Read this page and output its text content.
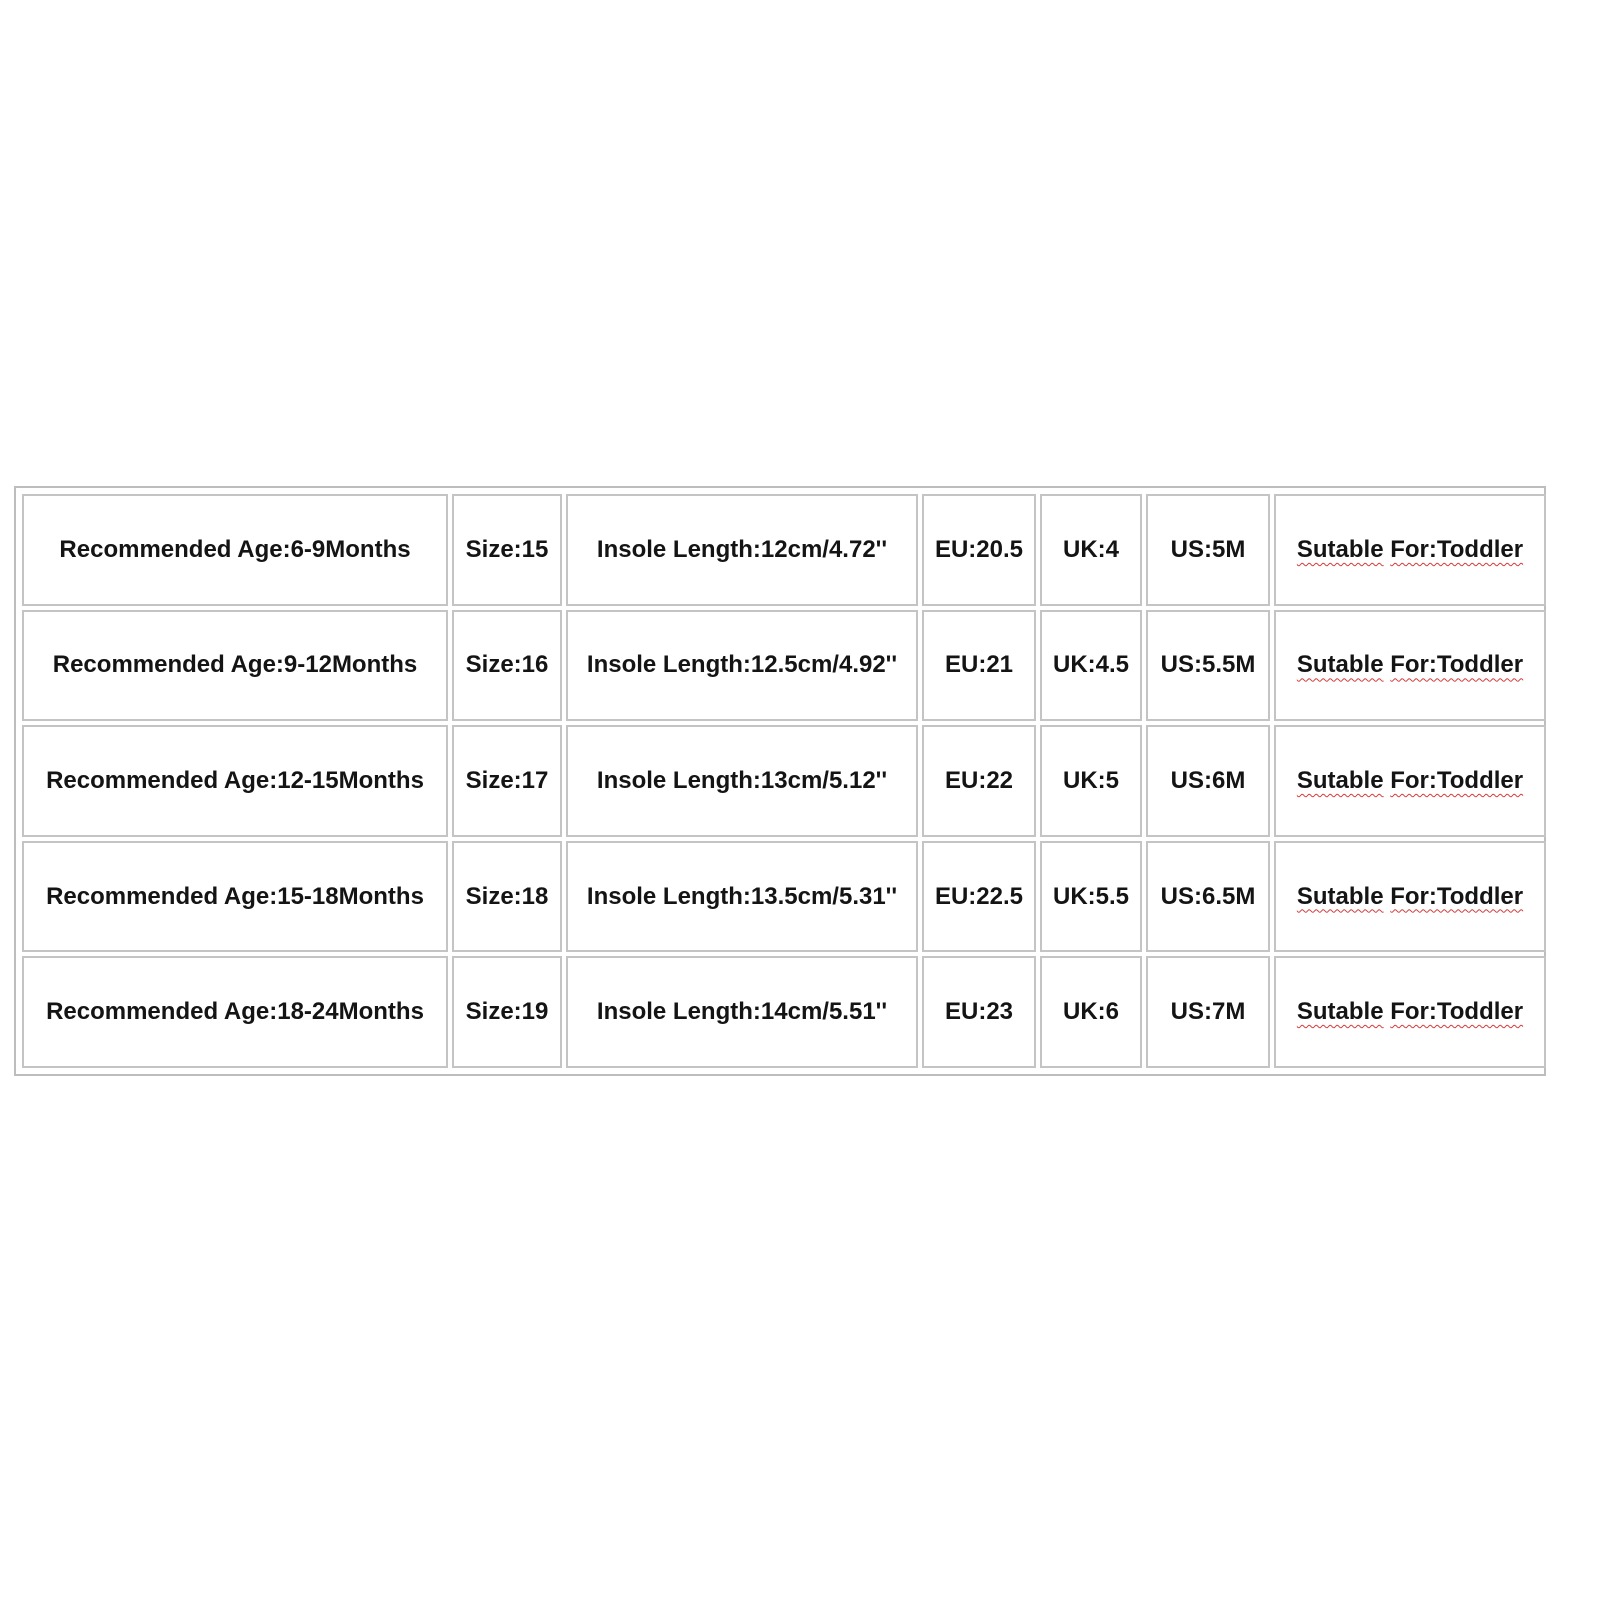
Recommended Age:6-9Months	Size:15	Insole Length:12cm/4.72''	EU:20.5	UK:4	US:5M	Sutable For:Toddler
Recommended Age:9-12Months	Size:16	Insole Length:12.5cm/4.92''	EU:21	UK:4.5	US:5.5M	Sutable For:Toddler
Recommended Age:12-15Months	Size:17	Insole Length:13cm/5.12''	EU:22	UK:5	US:6M	Sutable For:Toddler
Recommended Age:15-18Months	Size:18	Insole Length:13.5cm/5.31''	EU:22.5	UK:5.5	US:6.5M	Sutable For:Toddler
Recommended Age:18-24Months	Size:19	Insole Length:14cm/5.51''	EU:23	UK:6	US:7M	Sutable For:Toddler
